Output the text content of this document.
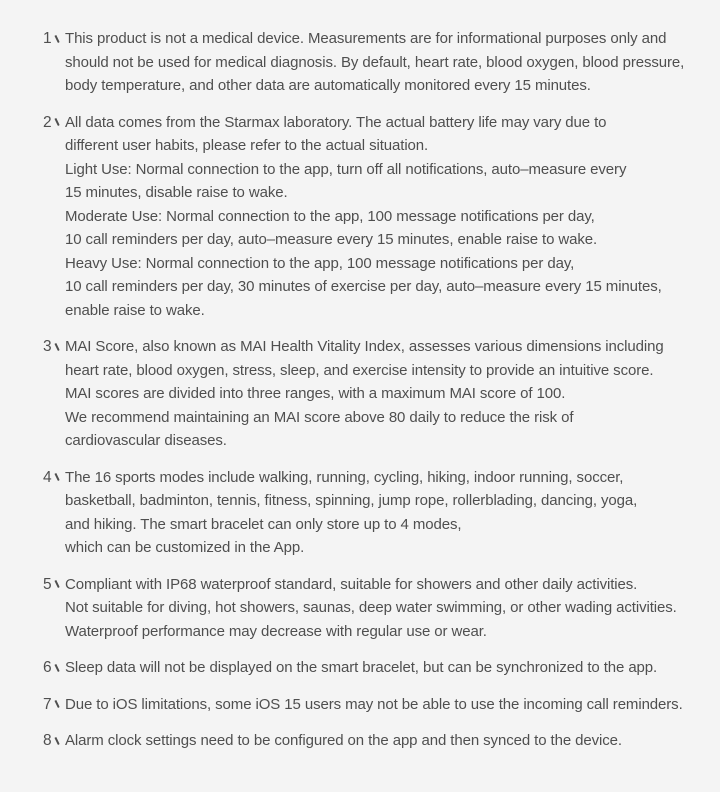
1 This product is not a medical device. Measurements are for informational purposes only and
should not be used for medical diagnosis. By default, heart rate, blood oxygen, blood pressure,
body temperature, and other data are automatically monitored every 15 minutes.
2 All data comes from the Starmax laboratory. The actual battery life may vary due to
different user habits, please refer to the actual situation.
Light Use: Normal connection to the app, turn off all notifications, auto–measure every
15 minutes, disable raise to wake.
Moderate Use: Normal connection to the app, 100 message notifications per day,
10 call reminders per day, auto–measure every 15 minutes, enable raise to wake.
Heavy Use: Normal connection to the app, 100 message notifications per day,
10 call reminders per day, 30 minutes of exercise per day, auto–measure every 15 minutes,
enable raise to wake.
3 MAI Score, also known as MAI Health Vitality Index, assesses various dimensions including
heart rate, blood oxygen, stress, sleep, and exercise intensity to provide an intuitive score.
MAI scores are divided into three ranges, with a maximum MAI score of 100.
We recommend maintaining an MAI score above 80 daily to reduce the risk of
cardiovascular diseases.
4 The 16 sports modes include walking, running, cycling, hiking, indoor running, soccer,
basketball, badminton, tennis, fitness, spinning, jump rope, rollerblading, dancing, yoga,
and hiking. The smart bracelet can only store up to 4 modes,
which can be customized in the App.
5 Compliant with IP68 waterproof standard, suitable for showers and other daily activities.
Not suitable for diving, hot showers, saunas, deep water swimming, or other wading activities.
Waterproof performance may decrease with regular use or wear.
6 Sleep data will not be displayed on the smart bracelet, but can be synchronized to the app.
7 Due to iOS limitations, some iOS 15 users may not be able to use the incoming call reminders.
8 Alarm clock settings need to be configured on the app and then synced to the device.
